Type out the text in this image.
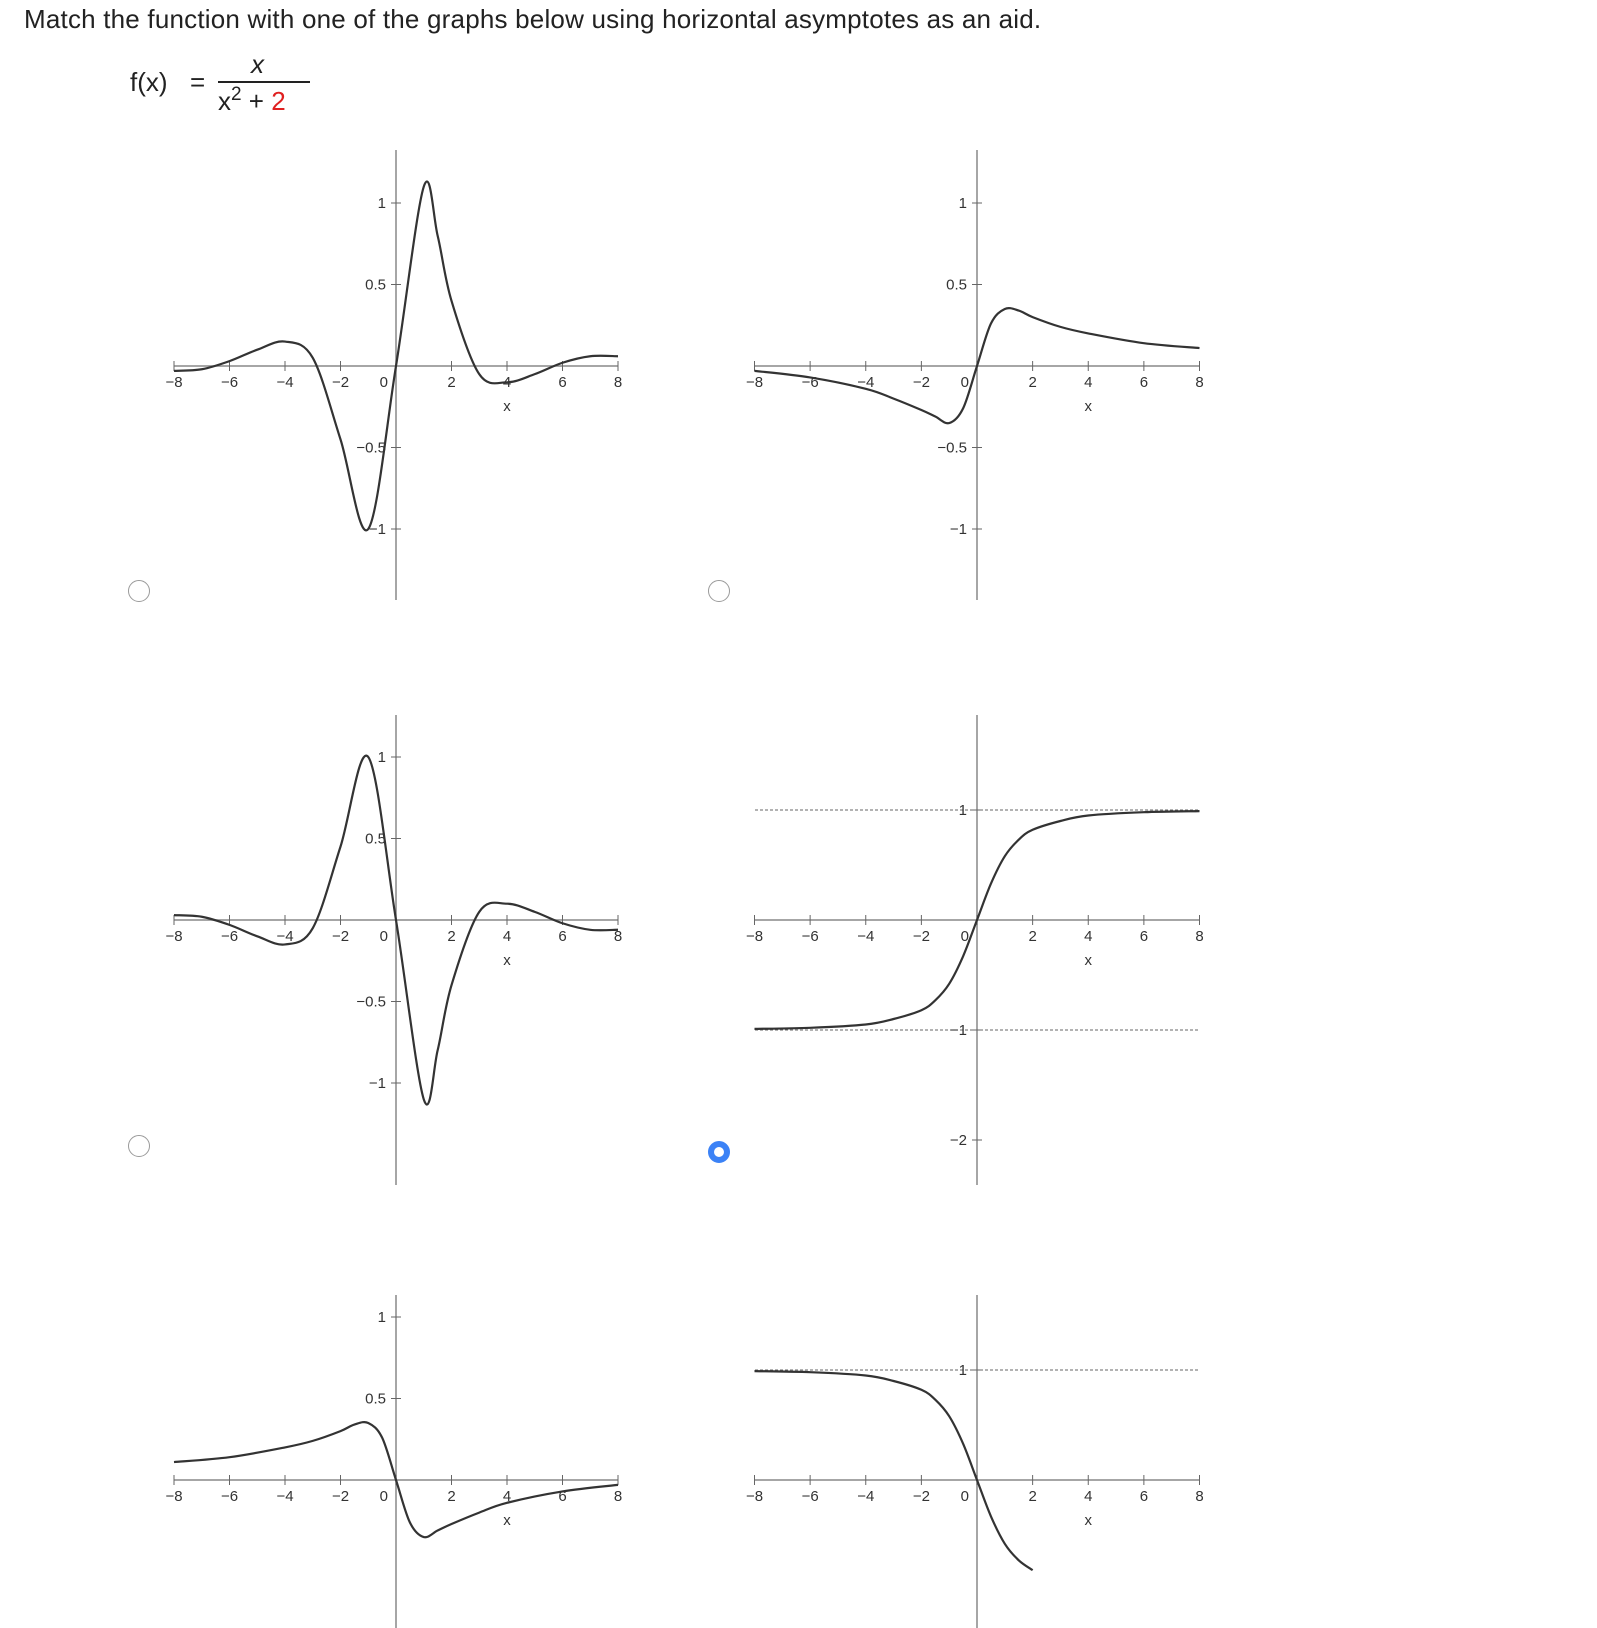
Match the function with one of the graphs below using horizontal asymptotes as an aid.
f(x) =
x
$x^2 + 2$
−8	−6	−4	−2 0	2	4	6	8
x
−1
−0.5
0.5
1
−8	−6	−4	−2 0	2	4	6	8
x
−1
−0.5
0.5
1
−8	−6	−4	−2 0	2	4	6	8
x
−1
−0.5
0.5
1
−8	−6	−4	−2 0	2	4	6	8
x
−2
−1
1
−8	−6	−4	−2 0	2	4	6	8
x
0.5
1
−8	−6	−4	−2 0	2	4	6	8
x
1
